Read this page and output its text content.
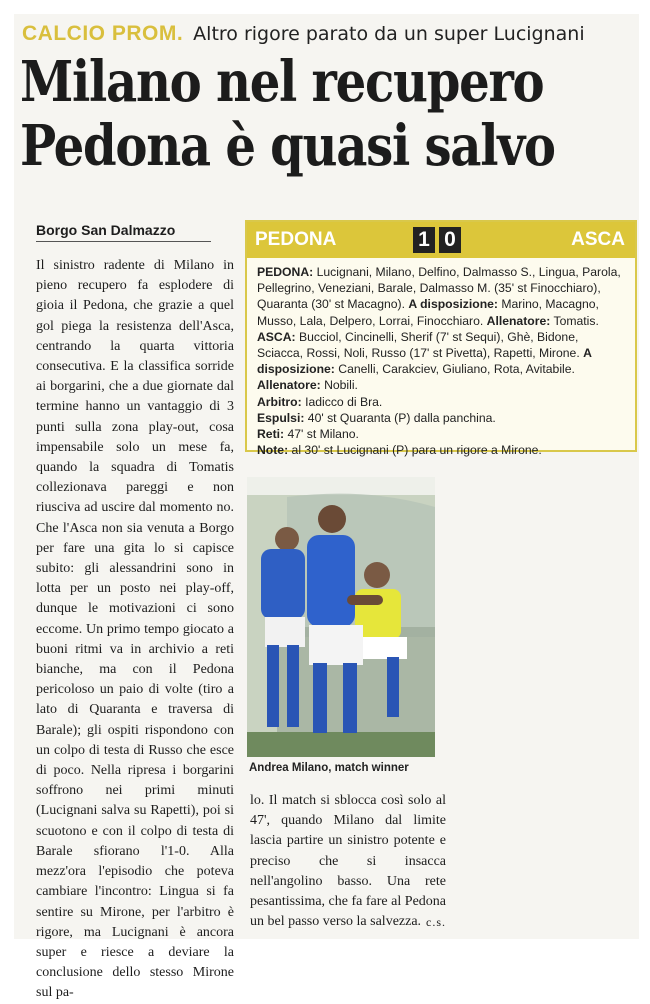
CALCIO PROM. Altro rigore parato da un super Lucignani
Milano nel recupero
Pedona è quasi salvo
Borgo San Dalmazzo
Il sinistro radente di Milano in pieno recupero fa esplodere di gioia il Pedona, che grazie a quel gol piega la resistenza dell'Asca, centrando la quarta vittoria consecutiva. E la classifica sorride ai borgarini, che a due giornate dal termine hanno un vantaggio di 3 punti sulla zona play-out, cosa impensabile solo un mese fa, quando la squadra di Tomatis collezionava pareggi e non riusciva ad uscire dal momento no. Che l'Asca non sia venuta a Borgo per fare una gita lo si capisce subito: gli alessandrini sono in lotta per un posto nei play-off, dunque le motivazioni ci sono eccome. Un primo tempo giocato a buoni ritmi va in archivio a reti bianche, ma con il Pedona pericoloso un paio di volte (tiro a lato di Quaranta e traversa di Barale); gli ospiti rispondono con un colpo di testa di Russo che esce di poco. Nella ripresa i borgarini soffrono nei primi minuti (Lucignani salva su Rapetti), poi si scuotono e con il colpo di testa di Barale sfiorano l'1-0. Alla mezz'ora l'episodio che poteva cambiare l'incontro: Lingua si fa sentire su Mirone, per l'arbitro è rigore, ma Lucignani è ancora super e riesce a deviare la conclusione dello stesso Mirone sul pa-
PEDONA	1 0	ASCA

PEDONA: Lucignani, Milano, Delfino, Dalmasso S., Lingua, Parola, Pellegrino, Veneziani, Barale, Dalmasso M. (35' st Finocchiaro), Quaranta (30' st Macagno). A disposizione: Marino, Macagno, Musso, Lala, Delpero, Lorrai, Finocchiaro. Allenatore: Tomatis.

ASCA: Bucciol, Cincinelli, Sherif (7' st Sequi), Ghè, Bidone, Sciacca, Rossi, Noli, Russo (17' st Pivetta), Rapetti, Mirone. A disposizione: Canelli, Carakciev, Giuliano, Rota, Avitabile. Allenatore: Nobili.

Arbitro: Iadicco di Bra.

Espulsi: 40' st Quaranta (P) dalla panchina.

Reti: 47' st Milano.

Note: al 30' st Lucignani (P) para un rigore a Mirone.

Andrea Milano, match winner
lo. Il match si sblocca così solo al 47', quando Milano dal limite lascia partire un sinistro potente e preciso che si insacca nell'angolino basso. Una rete pesantissima, che fa fare al Pedona un bel passo verso la salvezza. c.s.
